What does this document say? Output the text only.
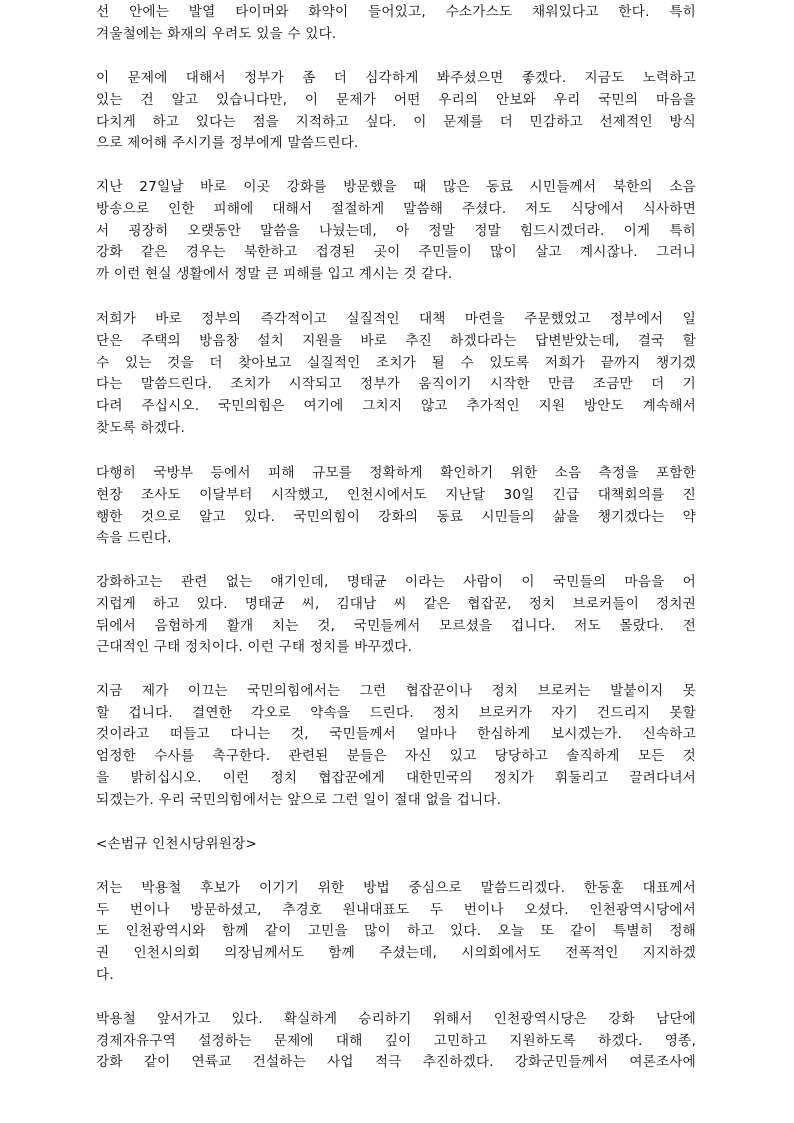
선 안에는 발열 타이머와 화약이 들어있고, 수소가스도 채워있다고 한다. 특히
겨울철에는 화재의 우려도 있을 수 있다.
이 문제에 대해서 정부가 좀 더 심각하게 봐주셨으면 좋겠다. 지금도 노력하고
있는 건 알고 있습니다만, 이 문제가 어떤 우리의 안보와 우리 국민의 마음을
다치게 하고 있다는 점을 지적하고 싶다. 이 문제를 더 민감하고 선제적인 방식
으로 제어해 주시기를 정부에게 말씀드린다.
지난 27일날 바로 이곳 강화를 방문했을 때 많은 동료 시민들께서 북한의 소음
방송으로 인한 피해에 대해서 절절하게 말씀해 주셨다. 저도 식당에서 식사하면
서 굉장히 오랫동안 말씀을 나눴는데, 아 정말 정말 힘드시겠더라. 이게 특히
강화 같은 경우는 북한하고 접경된 곳이 주민들이 많이 살고 계시잖나. 그러니
까 이런 현실 생활에서 정말 큰 피해를 입고 계시는 것 같다.
저희가 바로 정부의 즉각적이고 실질적인 대책 마련을 주문했었고 정부에서 일
단은 주택의 방음창 설치 지원을 바로 추진 하겠다라는 답변받았는데, 결국 할
수 있는 것을 더 찾아보고 실질적인 조치가 될 수 있도록 저희가 끝까지 챙기겠
다는 말씀드린다. 조치가 시작되고 정부가 움직이기 시작한 만큼 조금만 더 기
다려 주십시오. 국민의힘은 여기에 그치지 않고 추가적인 지원 방안도 계속해서
찾도록 하겠다.
다행히 국방부 등에서 피해 규모를 정확하게 확인하기 위한 소음 측정을 포함한
현장 조사도 이달부터 시작했고, 인천시에서도 지난달 30일 긴급 대책회의를 진
행한 것으로 알고 있다. 국민의힘이 강화의 동료 시민들의 삶을 챙기겠다는 약
속을 드린다.
강화하고는 관련 없는 얘기인데, 명태균 이라는 사람이 이 국민들의 마음을 어
지럽게 하고 있다. 명태균 씨, 김대남 씨 같은 협잡꾼, 정치 브로커들이 정치권
뒤에서 음험하게 활개 치는 것, 국민들께서 모르셨을 겁니다. 저도 몰랐다. 전
근대적인 구태 정치이다. 이런 구태 정치를 바꾸겠다.
지금 제가 이끄는 국민의힘에서는 그런 협잡꾼이나 정치 브로커는 발붙이지 못
할 겁니다. 결연한 각오로 약속을 드린다. 정치 브로커가 자기 건드리지 못할
것이라고 떠들고 다니는 것, 국민들께서 얼마나 한심하게 보시겠는가. 신속하고
엄정한 수사를 촉구한다. 관련된 분들은 자신 있고 당당하고 솔직하게 모든 것
을 밝히십시오. 이런 정치 협잡꾼에게 대한민국의 정치가 휘둘리고 끌려다녀서
되겠는가. 우리 국민의힘에서는 앞으로 그런 일이 절대 없을 겁니다.
<손범규 인천시당위원장>
저는 박용철 후보가 이기기 위한 방법 중심으로 말씀드리겠다. 한동훈 대표께서
두 번이나 방문하셨고, 추경호 원내대표도 두 번이나 오셨다. 인천광역시당에서
도 인천광역시와 함께 같이 고민을 많이 하고 있다. 오늘 또 같이 특별히 정해
권 인천시의회 의장님께서도 함께 주셨는데, 시의회에서도 전폭적인 지지하겠
다.
박용철 앞서가고 있다. 확실하게 승리하기 위해서 인천광역시당은 강화 남단에
경제자유구역 설정하는 문제에 대해 깊이 고민하고 지원하도록 하겠다. 영종,
강화 같이 연륙교 건설하는 사업 적극 추진하겠다. 강화군민들께서 여론조사에
